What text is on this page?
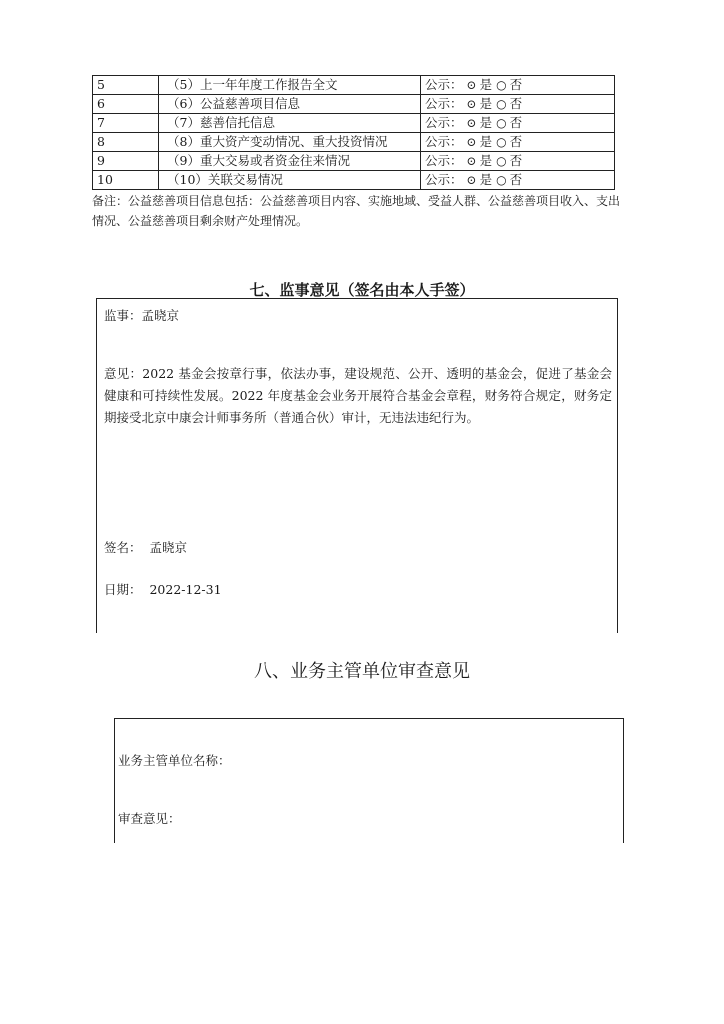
5	（5）上一年年度工作报告全文	公示： ⊙ 是 ○ 否
6	（6）公益慈善项目信息	公示： ⊙ 是 ○ 否
7	（7）慈善信托信息	公示： ⊙ 是 ○ 否
8	（8）重大资产变动情况、重大投资情况	公示： ⊙ 是 ○ 否
9	（9）重大交易或者资金往来情况	公示： ⊙ 是 ○ 否
10	（10）关联交易情况	公示： ⊙ 是 ○ 否
备注：公益慈善项目信息包括：公益慈善项目内容、实施地域、受益人群、公益慈善项目收入、支出情况、公益慈善项目剩余财产处理情况。
七、监事意见（签名由本人手签）
监事：孟晓京
意见：2022 基金会按章行事，依法办事，建设规范、公开、透明的基金会，促进了基金会健康和可持续性发展。2022 年度基金会业务开展符合基金会章程，财务符合规定，财务定期接受北京中康会计师事务所（普通合伙）审计，无违法违纪行为。
签名： 孟晓京
日期： 2022-12-31
八、业务主管单位审查意见
业务主管单位名称：
审查意见：
